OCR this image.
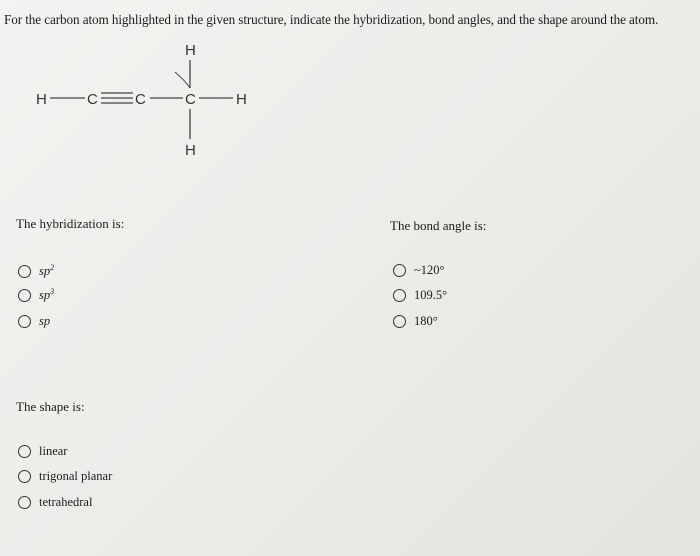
For the carbon atom highlighted in the given structure, indicate the hybridization, bond angles, and the shape around the atom.
H
H	C C	C	H
H
The hybridization is:
$sp^2$
$sp^3$
sp
The bond angle is:
~120°
109.5°
180°
The shape is:
linear
trigonal planar
tetrahedral
